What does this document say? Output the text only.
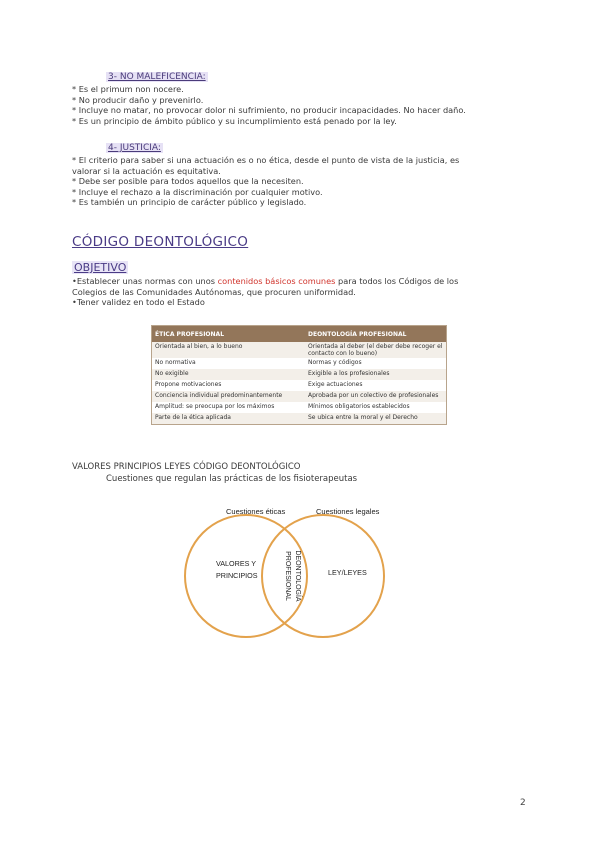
3- NO MALEFICENCIA:
* Es el primum non nocere.
* No producir daño y prevenirlo.
* Incluye no matar, no provocar dolor ni sufrimiento, no producir incapacidades. No hacer daño.
* Es un principio de ámbito público y su incumplimiento está penado por la ley.
4- JUSTICIA:
* El criterio para saber si una actuación es o no ética, desde el punto de vista de la justicia, es
valorar si la actuación es equitativa.
* Debe ser posible para todos aquellos que la necesiten.
* Incluye el rechazo a la discriminación por cualquier motivo.
* Es también un principio de carácter público y legislado.
CÓDIGO DEONTOLÓGICO
OBJETIVO
•Establecer unas normas con unos contenidos básicos comunes para todos los Códigos de los
Colegios de las Comunidades Autónomas, que procuren uniformidad.
•Tener validez en todo el Estado
ÉTICA PROFESIONAL	DEONTOLOGÍA PROFESIONAL
Orientada al bien, a lo bueno	Orientada al deber (el deber debe recoger el contacto con lo bueno)
No normativa	Normas y códigos
No exigible	Exigible a los profesionales
Propone motivaciones	Exige actuaciones
Conciencia individual predominantemente	Aprobada por un colectivo de profesionales
Amplitud: se preocupa por los máximos	Mínimos obligatorios establecidos
Parte de la ética aplicada	Se ubica entre la moral y el Derecho
VALORES PRINCIPIOS LEYES CÓDIGO DEONTOLÓGICO
Cuestiones que regulan las prácticas de los fisioterapeutas
Cuestiones éticas	Cuestiones legales
VALORES Y
PRINCIPIOS	LEY/LEYES
DEONTOLOGÍA
PROFESIONAL
2
